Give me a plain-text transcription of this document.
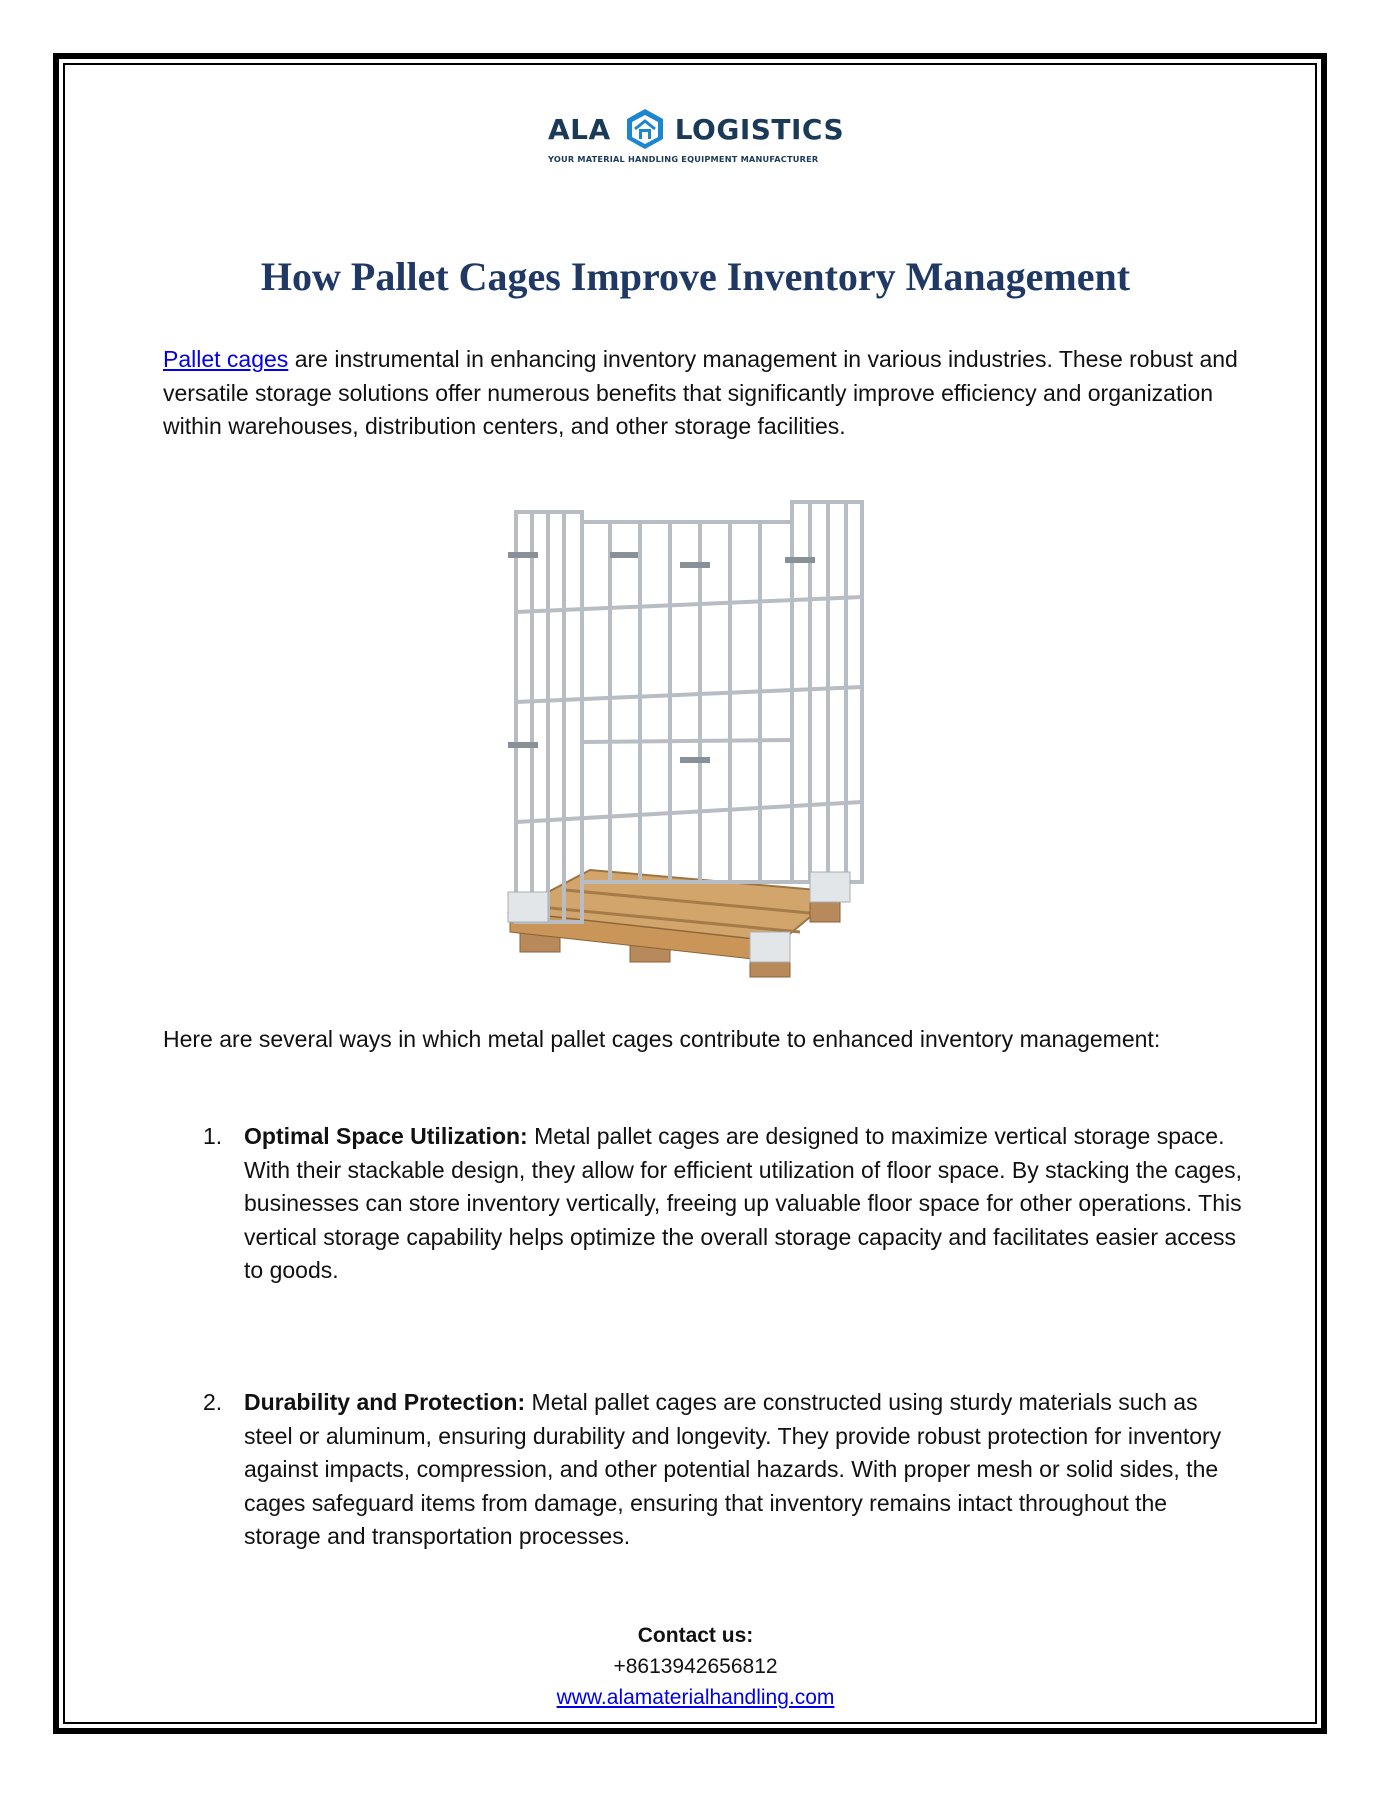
ALA LOGISTICS
YOUR MATERIAL HANDLING EQUIPMENT MANUFACTURER
How Pallet Cages Improve Inventory Management

Pallet cages are instrumental in enhancing inventory management in various industries. These robust and versatile storage solutions offer numerous benefits that significantly improve efficiency and organization within warehouses, distribution centers, and other storage facilities.

Here are several ways in which metal pallet cages contribute to enhanced inventory management:

1. Optimal Space Utilization: Metal pallet cages are designed to maximize vertical storage space. With their stackable design, they allow for efficient utilization of floor space. By stacking the cages, businesses can store inventory vertically, freeing up valuable floor space for other operations. This vertical storage capability helps optimize the overall storage capacity and facilitates easier access to goods.

2. Durability and Protection: Metal pallet cages are constructed using sturdy materials such as steel or aluminum, ensuring durability and longevity. They provide robust protection for inventory against impacts, compression, and other potential hazards. With proper mesh or solid sides, the cages safeguard items from damage, ensuring that inventory remains intact throughout the storage and transportation processes.

Contact us:
+8613942656812
www.alamaterialhandling.com
